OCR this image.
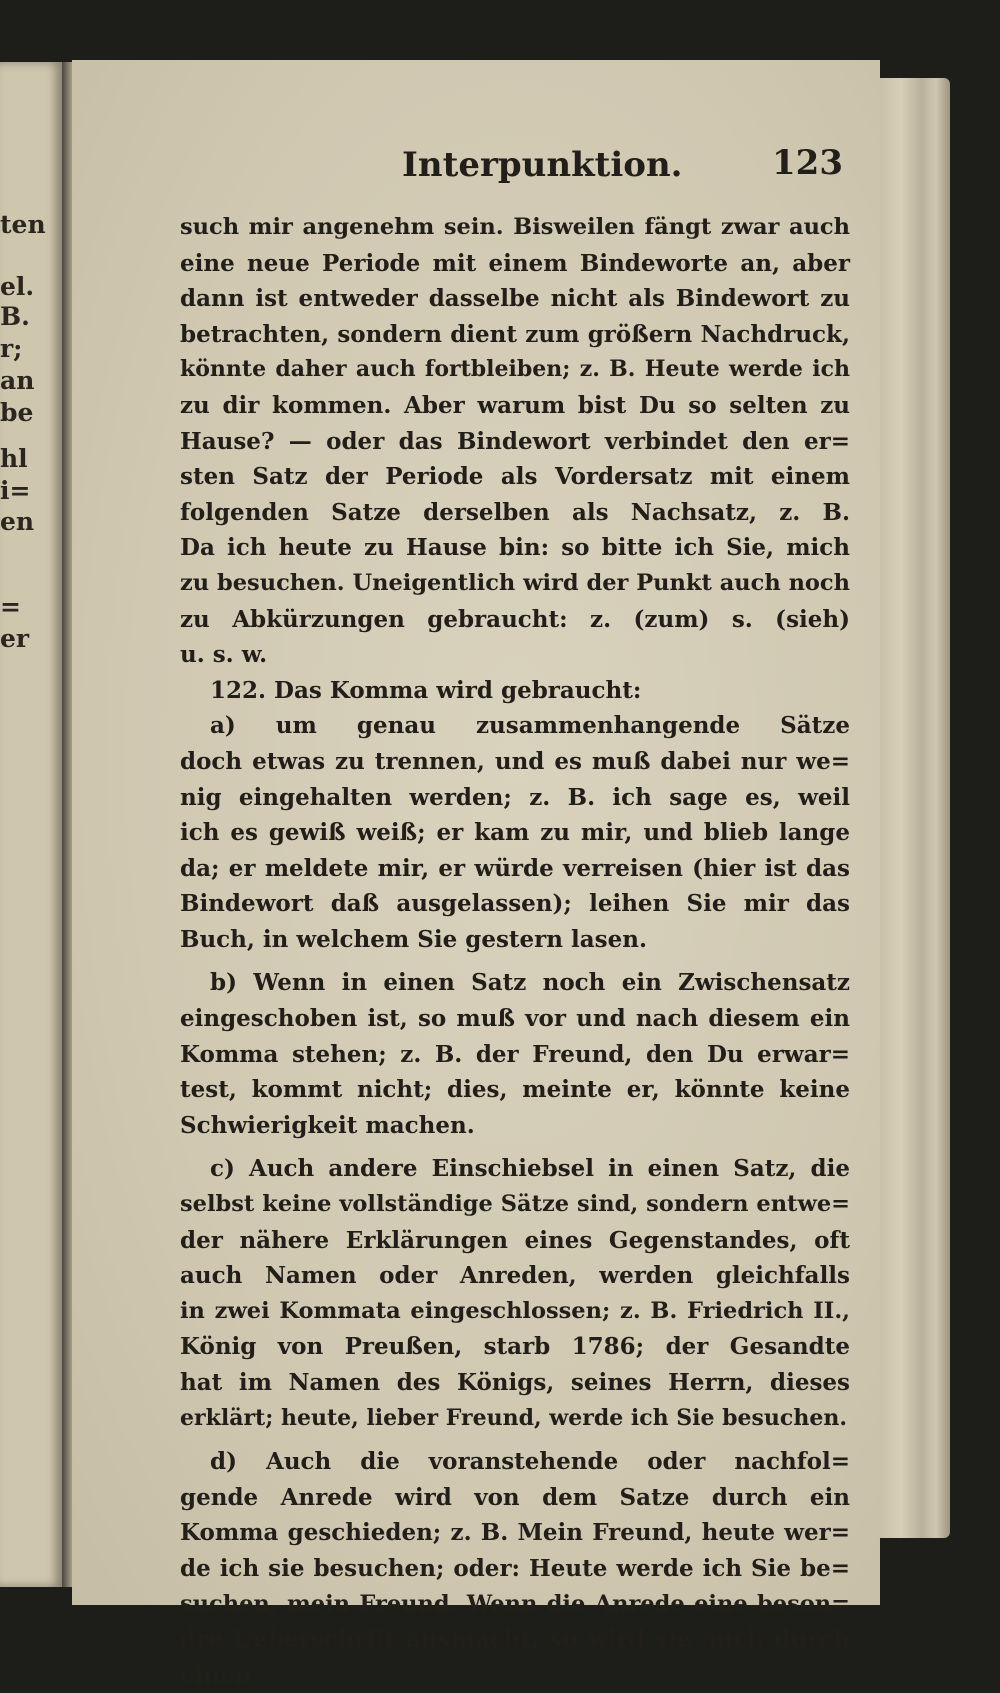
ten
el.
B.
r;
an
be
hl
i=
en
=
er
Interpunktion.	123
such mir angenehm sein. Bisweilen fängt zwar auch
eine neue Periode mit einem Bindeworte an, aber
dann ist entweder dasselbe nicht als Bindewort zu
betrachten, sondern dient zum größern Nachdruck,
könnte daher auch fortbleiben; z. B. Heute werde ich
zu dir kommen. Aber warum bist Du so selten zu
Hause? — oder das Bindewort verbindet den er=
sten Satz der Periode als Vordersatz mit einem
folgenden Satze derselben als Nachsatz, z. B.
Da ich heute zu Hause bin: so bitte ich Sie, mich
zu besuchen. Uneigentlich wird der Punkt auch noch
zu Abkürzungen gebraucht: z. (zum) s. (sieh)
u. s. w.
122. Das Komma wird gebraucht:
a) um genau zusammenhangende Sätze
doch etwas zu trennen, und es muß dabei nur we=
nig eingehalten werden; z. B. ich sage es, weil
ich es gewiß weiß; er kam zu mir, und blieb lange
da; er meldete mir, er würde verreisen (hier ist das
Bindewort daß ausgelassen); leihen Sie mir das
Buch, in welchem Sie gestern lasen.
b) Wenn in einen Satz noch ein Zwischensatz
eingeschoben ist, so muß vor und nach diesem ein
Komma stehen; z. B. der Freund, den Du erwar=
test, kommt nicht; dies, meinte er, könnte keine
Schwierigkeit machen.
c) Auch andere Einschiebsel in einen Satz, die
selbst keine vollständige Sätze sind, sondern entwe=
der nähere Erklärungen eines Gegenstandes, oft
auch Namen oder Anreden, werden gleichfalls
in zwei Kommata eingeschlossen; z. B. Friedrich II.,
König von Preußen, starb 1786; der Gesandte
hat im Namen des Königs, seines Herrn, dieses
erklärt; heute, lieber Freund, werde ich Sie besuchen.
d) Auch die voranstehende oder nachfol=
gende Anrede wird von dem Satze durch ein
Komma geschieden; z. B. Mein Freund, heute wer=
de ich sie besuchen; oder: Heute werde ich Sie be=
suchen, mein Freund. Wenn die Anrede eine beson=
dre Ueberschrift ausmacht, so wird sie auch durch
einen
